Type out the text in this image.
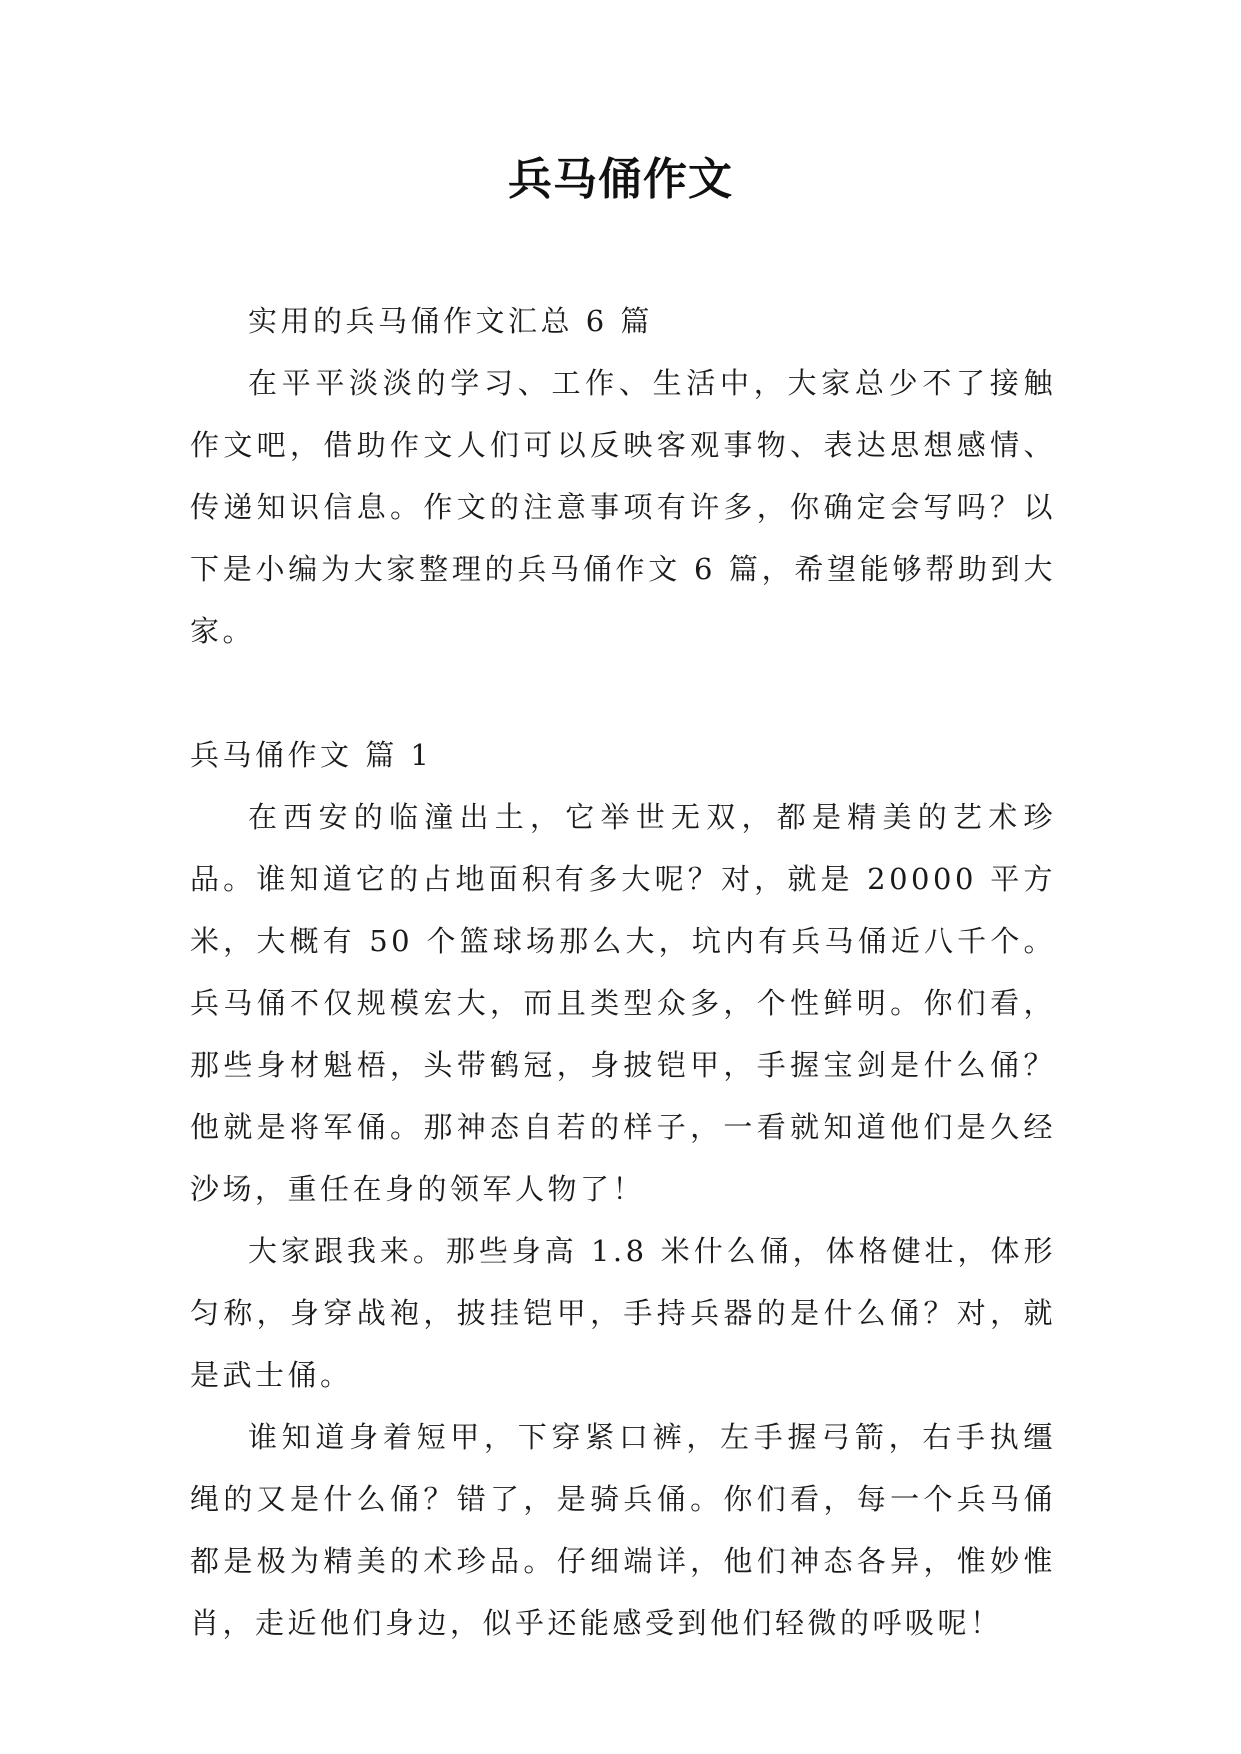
兵马俑作文

实用的兵马俑作文汇总 6 篇

在平平淡淡的学习、工作、生活中，大家总少不了接触作文吧，借助作文人们可以反映客观事物、表达思想感情、传递知识信息。作文的注意事项有许多，你确定会写吗？以下是小编为大家整理的兵马俑作文 6 篇，希望能够帮助到大家。

兵马俑作文 篇 1

在西安的临潼出土，它举世无双，都是精美的艺术珍品。谁知道它的占地面积有多大呢？对，就是 20000 平方米，大概有 50 个篮球场那么大，坑内有兵马俑近八千个。 兵马俑不仅规模宏大，而且类型众多，个性鲜明。你们看，那些身材魁梧，头带鹤冠，身披铠甲，手握宝剑是什么俑？他就是将军俑。那神态自若的样子，一看就知道他们是久经沙场，重任在身的领军人物了！

大家跟我来。那些身高 1.8 米什么俑，体格健壮，体形匀称，身穿战袍，披挂铠甲，手持兵器的是什么俑？对，就是武士俑。

谁知道身着短甲，下穿紧口裤，左手握弓箭，右手执缰绳的又是什么俑？错了，是骑兵俑。你们看，每一个兵马俑都是极为精美的术珍品。仔细端详，他们神态各异，惟妙惟肖，走近他们身边，似乎还能感受到他们轻微的呼吸呢！
